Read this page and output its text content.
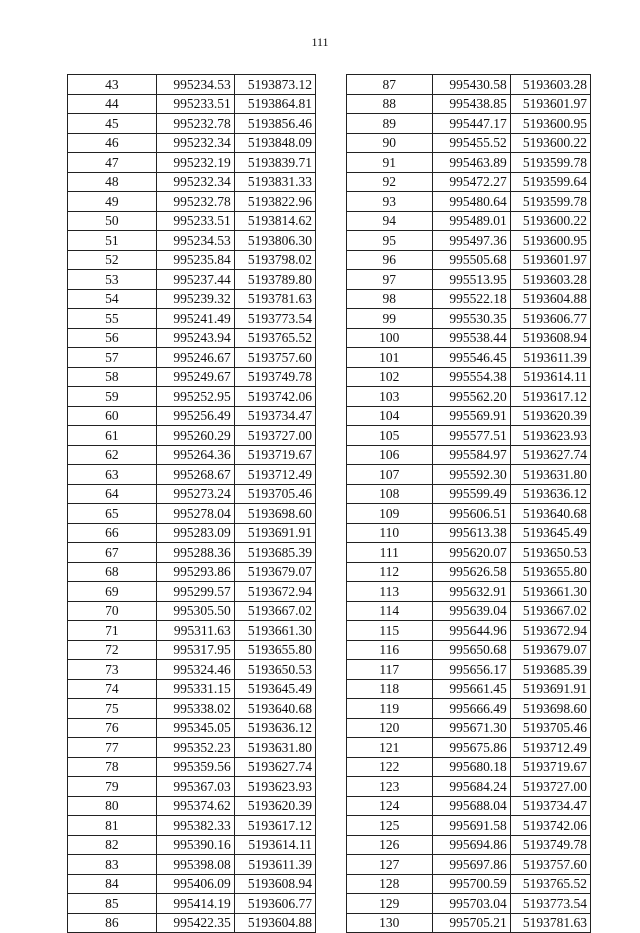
111
43	995234.53	5193873.12
44	995233.51	5193864.81
45	995232.78	5193856.46
46	995232.34	5193848.09
47	995232.19	5193839.71
48	995232.34	5193831.33
49	995232.78	5193822.96
50	995233.51	5193814.62
51	995234.53	5193806.30
52	995235.84	5193798.02
53	995237.44	5193789.80
54	995239.32	5193781.63
55	995241.49	5193773.54
56	995243.94	5193765.52
57	995246.67	5193757.60
58	995249.67	5193749.78
59	995252.95	5193742.06
60	995256.49	5193734.47
61	995260.29	5193727.00
62	995264.36	5193719.67
63	995268.67	5193712.49
64	995273.24	5193705.46
65	995278.04	5193698.60
66	995283.09	5193691.91
67	995288.36	5193685.39
68	995293.86	5193679.07
69	995299.57	5193672.94
70	995305.50	5193667.02
71	995311.63	5193661.30
72	995317.95	5193655.80
73	995324.46	5193650.53
74	995331.15	5193645.49
75	995338.02	5193640.68
76	995345.05	5193636.12
77	995352.23	5193631.80
78	995359.56	5193627.74
79	995367.03	5193623.93
80	995374.62	5193620.39
81	995382.33	5193617.12
82	995390.16	5193614.11
83	995398.08	5193611.39
84	995406.09	5193608.94
85	995414.19	5193606.77
86	995422.35	5193604.88
87	995430.58	5193603.28
88	995438.85	5193601.97
89	995447.17	5193600.95
90	995455.52	5193600.22
91	995463.89	5193599.78
92	995472.27	5193599.64
93	995480.64	5193599.78
94	995489.01	5193600.22
95	995497.36	5193600.95
96	995505.68	5193601.97
97	995513.95	5193603.28
98	995522.18	5193604.88
99	995530.35	5193606.77
100	995538.44	5193608.94
101	995546.45	5193611.39
102	995554.38	5193614.11
103	995562.20	5193617.12
104	995569.91	5193620.39
105	995577.51	5193623.93
106	995584.97	5193627.74
107	995592.30	5193631.80
108	995599.49	5193636.12
109	995606.51	5193640.68
110	995613.38	5193645.49
111	995620.07	5193650.53
112	995626.58	5193655.80
113	995632.91	5193661.30
114	995639.04	5193667.02
115	995644.96	5193672.94
116	995650.68	5193679.07
117	995656.17	5193685.39
118	995661.45	5193691.91
119	995666.49	5193698.60
120	995671.30	5193705.46
121	995675.86	5193712.49
122	995680.18	5193719.67
123	995684.24	5193727.00
124	995688.04	5193734.47
125	995691.58	5193742.06
126	995694.86	5193749.78
127	995697.86	5193757.60
128	995700.59	5193765.52
129	995703.04	5193773.54
130	995705.21	5193781.63
